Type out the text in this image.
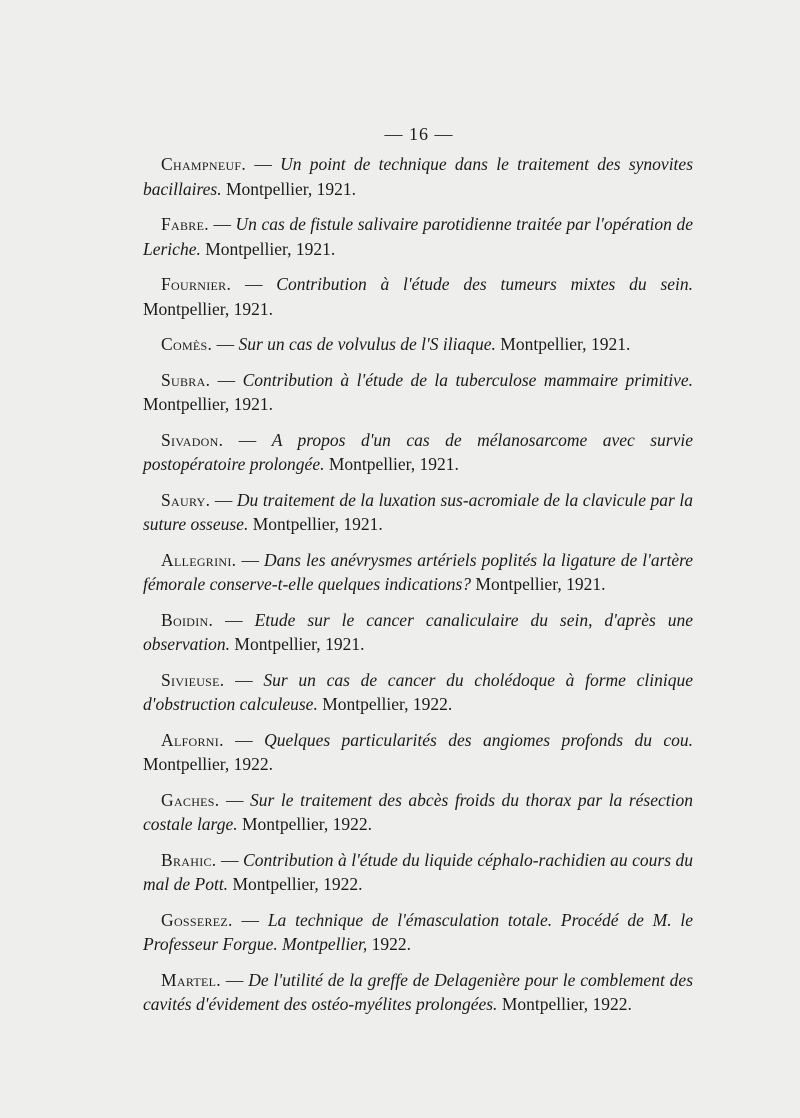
— 16 —

Champneuf. — Un point de technique dans le traitement des synovites bacillaires. Montpellier, 1921.

Fabre. — Un cas de fistule salivaire parotidienne traitée par l'opération de Leriche. Montpellier, 1921.

Fournier. — Contribution à l'étude des tumeurs mixtes du sein. Montpellier, 1921.

Comès. — Sur un cas de volvulus de l'S iliaque. Montpellier, 1921.

Subra. — Contribution à l'étude de la tuberculose mammaire primitive. Montpellier, 1921.

Sivadon. — A propos d'un cas de mélanosarcome avec survie postopératoire prolongée. Montpellier, 1921.

Saury. — Du traitement de la luxation sus-acromiale de la clavicule par la suture osseuse. Montpellier, 1921.

Allegrini. — Dans les anévrysmes artériels poplités la ligature de l'artère fémorale conserve-t-elle quelques indications? Montpellier, 1921.

Boidin. — Etude sur le cancer canaliculaire du sein, d'après une observation. Montpellier, 1921.

Sivieuse. — Sur un cas de cancer du cholédoque à forme clinique d'obstruction calculeuse. Montpellier, 1922.

Alforni. — Quelques particularités des angiomes profonds du cou. Montpellier, 1922.

Gaches. — Sur le traitement des abcès froids du thorax par la résection costale large. Montpellier, 1922.

Brahic. — Contribution à l'étude du liquide céphalo-rachidien au cours du mal de Pott. Montpellier, 1922.

Gosserez. — La technique de l'émasculation totale. Procédé de M. le Professeur Forgue. Montpellier, 1922.

Martel. — De l'utilité de la greffe de Delagenière pour le comblement des cavités d'évidement des ostéo-myélites prolongées. Montpellier, 1922.
